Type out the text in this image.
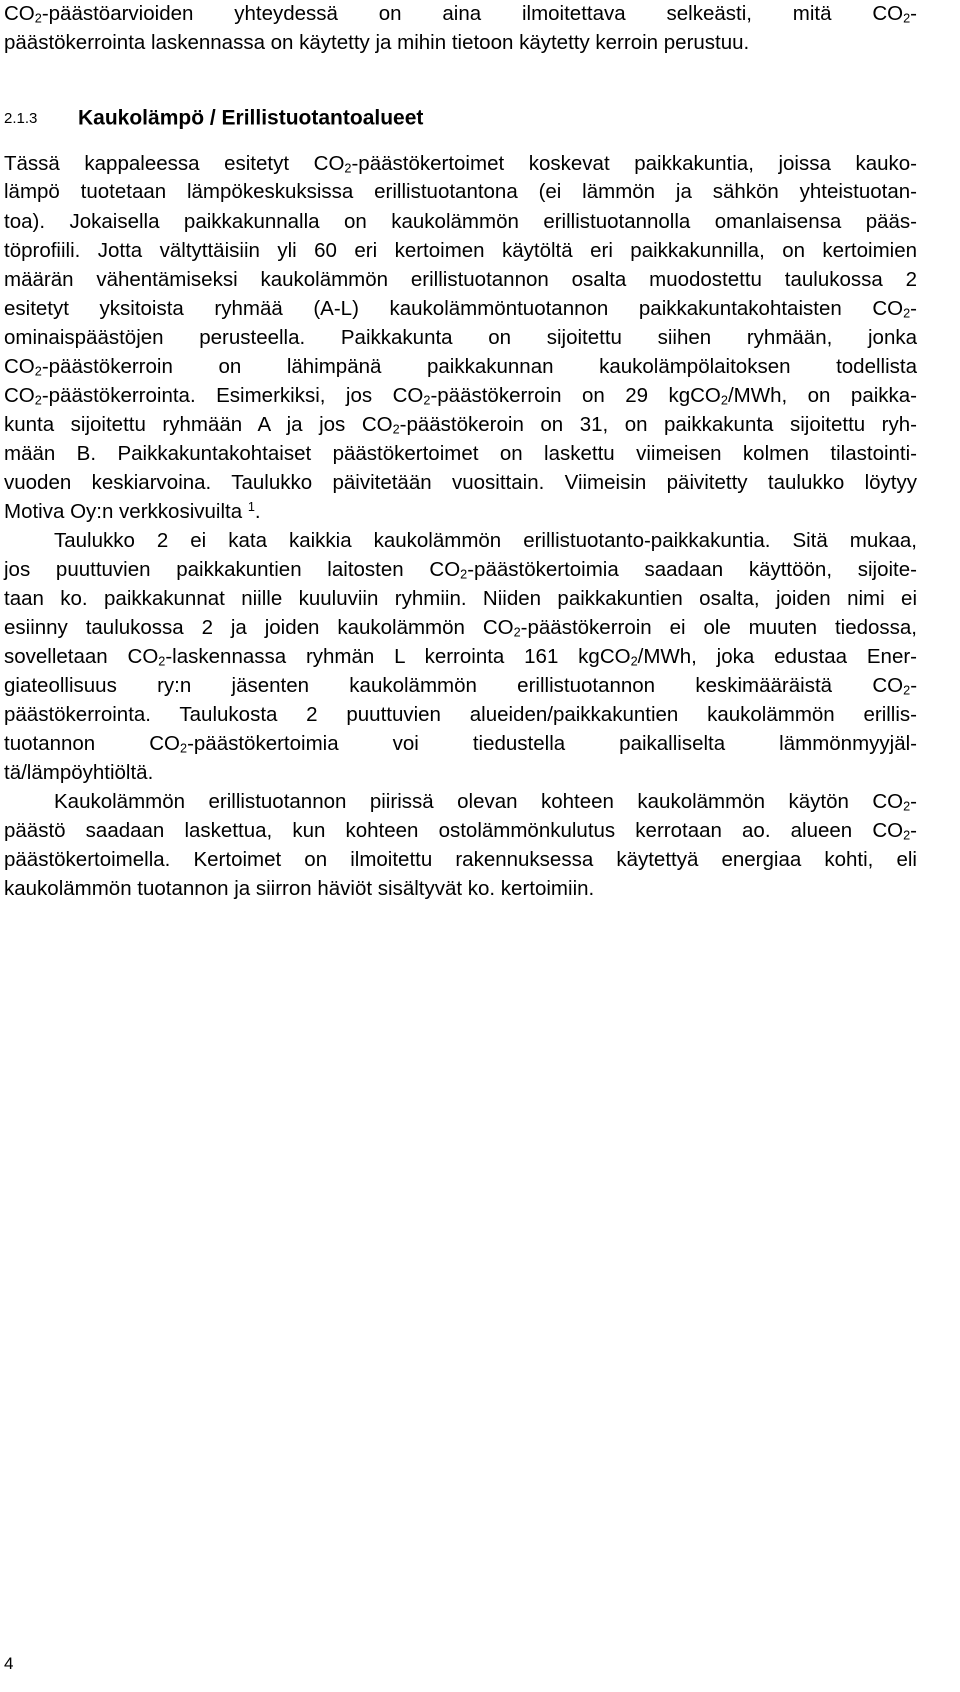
$CO_2$-päästöarvioiden yhteydessä on aina ilmoitettava selkeästi, mitä $CO_2-$
päästökerrointa laskennassa on käytetty ja mihin tietoon käytetty kerroin perustuu.
2.1.3 Kaukolämpö / Erillistuotantoalueet
Tässä kappaleessa esitetyt $CO_2$-päästökertoimet koskevat paikkakuntia, joissa kauko-
lämpö tuotetaan lämpökeskuksissa erillistuotantona (ei lämmön ja sähkön yhteistuotan-
toa). Jokaisella paikkakunnalla on kaukolämmön erillistuotannolla omanlaisensa pääs-
töprofiili. Jotta vältyttäisiin yli 60 eri kertoimen käytöltä eri paikkakunnilla, on kertoimien
määrän vähentämiseksi kaukolämmön erillistuotannon osalta muodostettu taulukossa 2
esitetyt yksitoista ryhmää (A-L) kaukolämmöntuotannon paikkakuntakohtaisten $CO_2-$
ominaispäästöjen perusteella. Paikkakunta on sijoitettu siihen ryhmään, jonka
$CO_2$-päästökerroin on lähimpänä paikkakunnan kaukolämpölaitoksen todellista
$CO_2$-päästökerrointa. Esimerkiksi, jos $CO_2$-päästökerroin on 29 kgCO$_2$/MWh, on paikka-
kunta sijoitettu ryhmään A ja jos $CO_2$-päästökeroin on 31, on paikkakunta sijoitettu ryh-
mään B. Paikkakuntakohtaiset päästökertoimet on laskettu viimeisen kolmen tilastointi-
vuoden keskiarvoina. Taulukko päivitetään vuosittain. Viimeisin päivitetty taulukko löytyy
Motiva Oy:n verkkosivuilta $^1$.
Taulukko 2 ei kata kaikkia kaukolämmön erillistuotanto-paikkakuntia. Sitä mukaa,
jos puuttuvien paikkakuntien laitosten $CO_2$-päästökertoimia saadaan käyttöön, sijoite-
taan ko. paikkakunnat niille kuuluviin ryhmiin. Niiden paikkakuntien osalta, joiden nimi ei
esiinny taulukossa 2 ja joiden kaukolämmön $CO_2$-päästökerroin ei ole muuten tiedossa,
sovelletaan $CO_2$-laskennassa ryhmän L kerrointa 161 kgCO$_2$/MWh, joka edustaa Ener-
giateollisuus ry:n jäsenten kaukolämmön erillistuotannon keskimääräistä $CO_2-$
päästökerrointa. Taulukosta 2 puuttuvien alueiden/paikkakuntien kaukolämmön erillis-
tuotannon	$CO_2$-päästökertoimia voi tiedustella paikalliselta lämmönmyyjäl-
tä/lämpöyhtiöltä.
Kaukolämmön erillistuotannon piirissä olevan kohteen kaukolämmön käytön $CO_2-$
päästö saadaan laskettua, kun kohteen ostolämmönkulutus kerrotaan ao. alueen $CO_2-$
päästökertoimella. Kertoimet on ilmoitettu rakennuksessa käytettyä energiaa kohti, eli
kaukolämmön tuotannon ja siirron häviöt sisältyvät ko. kertoimiin.
4
